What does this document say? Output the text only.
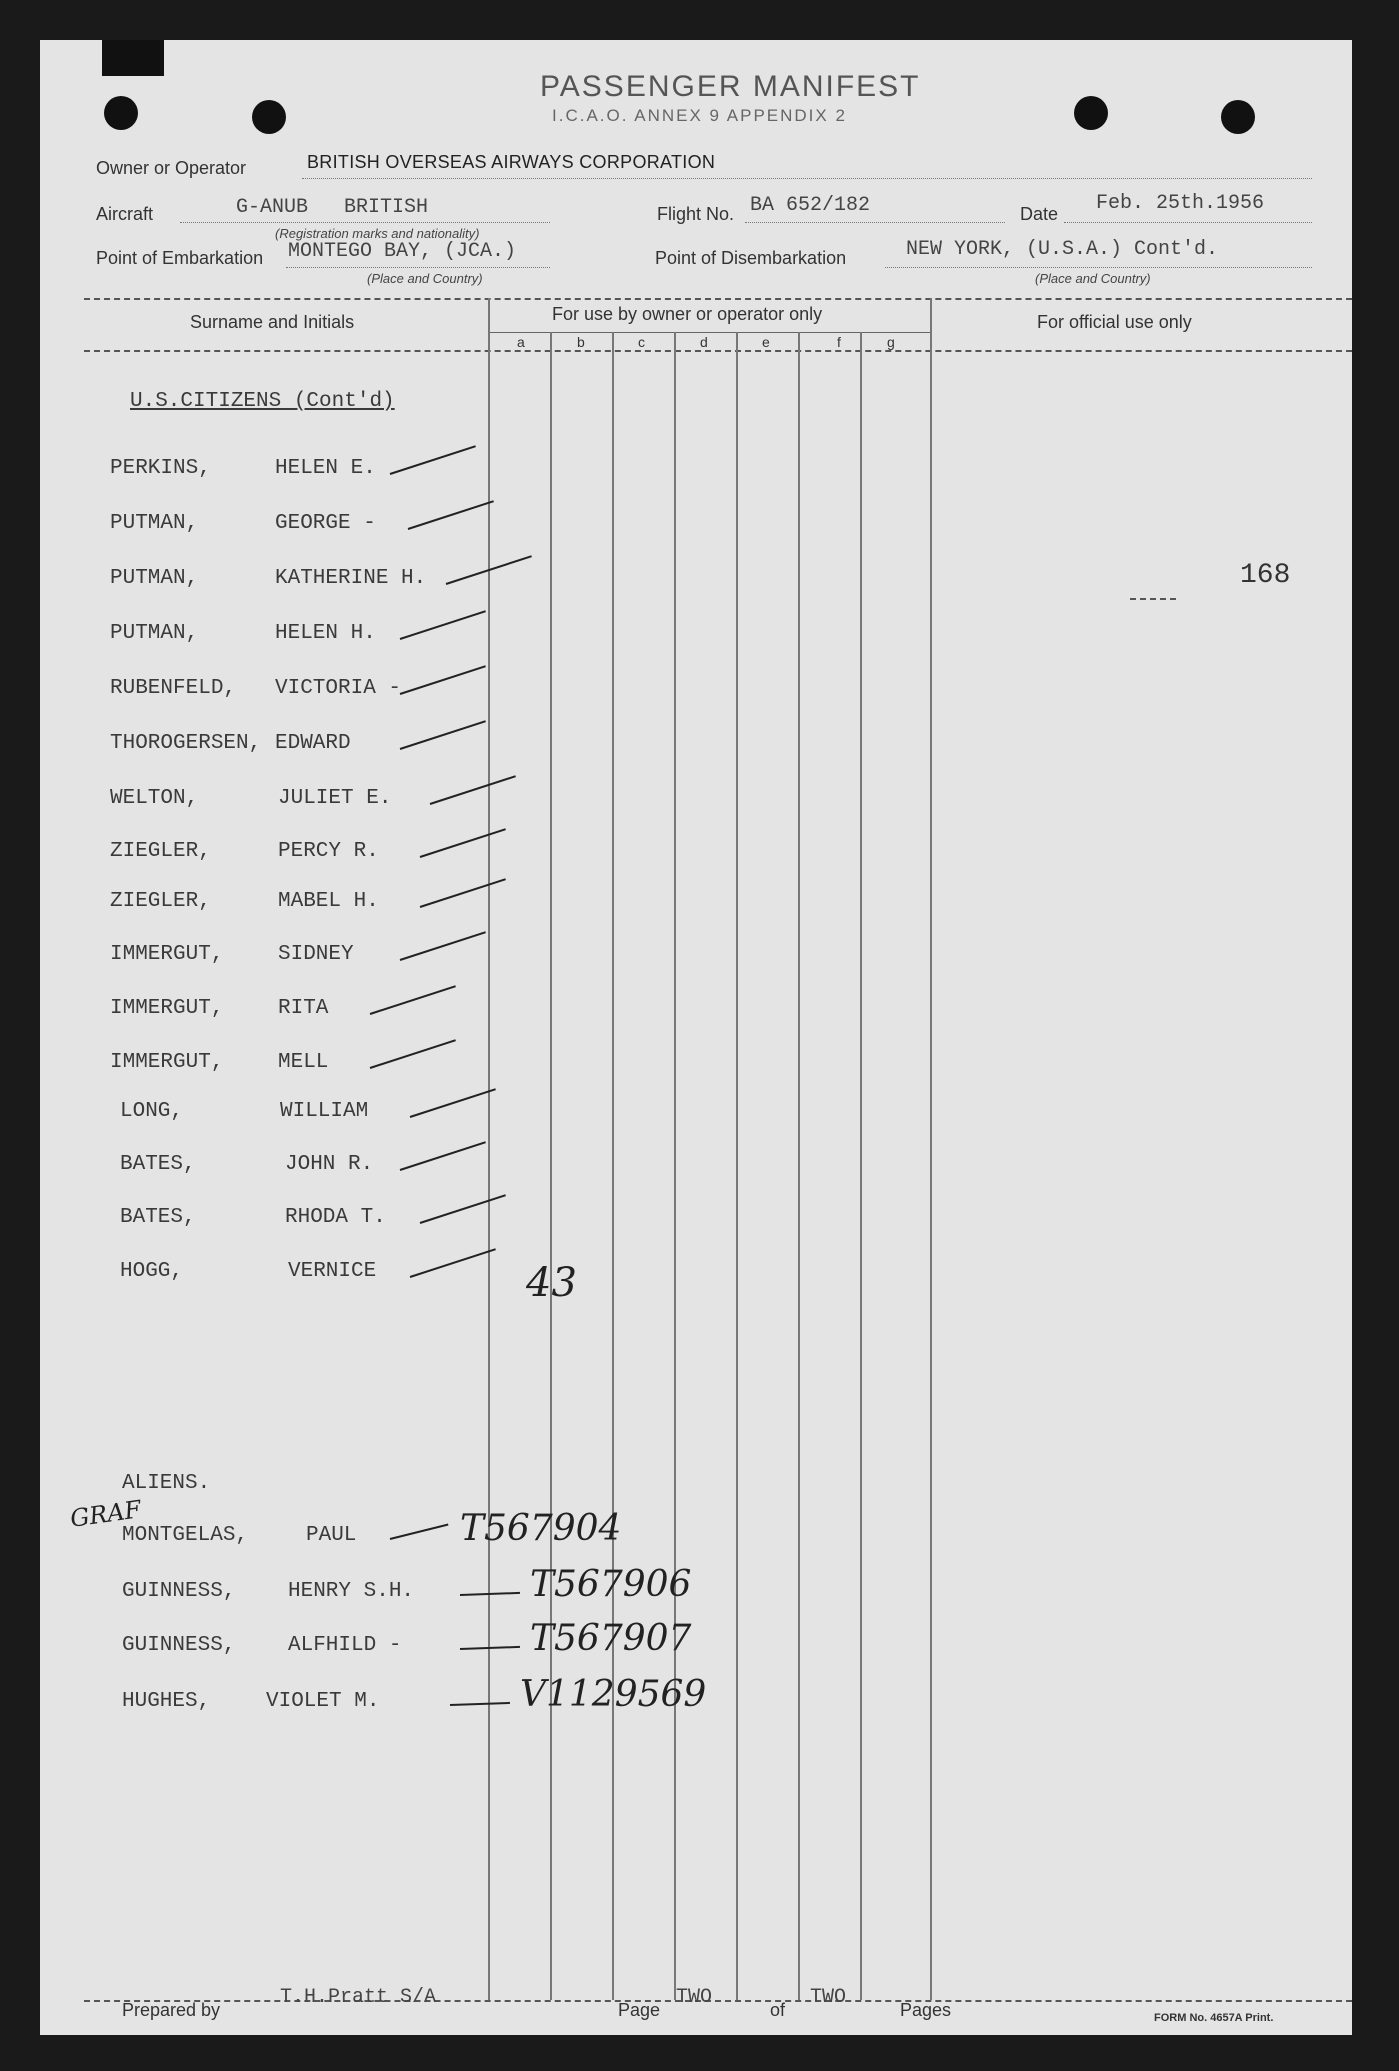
PASSENGER MANIFEST
I.C.A.O. ANNEX 9 APPENDIX 2
Owner or Operator	BRITISH OVERSEAS AIRWAYS CORPORATION
Aircraft	G-ANUB   BRITISH
(Registration marks and nationality)
Flight No. BA 652/182	Date Feb. 25th.1956
Point of Embarkation MONTEGO BAY, (JCA.)
(Place and Country)
Point of Disembarkation	NEW YORK, (U.S.A.) Cont'd.
(Place and Country)
Surname and Initials	For use by owner or operator only	For official use only
a	b	c	d	e	f	g
U.S.CITIZENS (Cont'd)
PERKINS,	HELEN E.
PUTMAN,	GEORGE -
PUTMAN,	KATHERINE H.
PUTMAN,	HELEN H.
RUBENFELD, VICTORIA -
THOROGERSEN, EDWARD
WELTON,	JULIET E.
ZIEGLER,	PERCY R.
ZIEGLER,	MABEL H.
IMMERGUT,	SIDNEY
IMMERGUT,	RITA
IMMERGUT,	MELL
LONG,	WILLIAM
BATES,	JOHN R.
BATES,	RHODA T.
HOGG,	VERNICE	43
168
ALIENS.
GRAF
MONTGELAS,	PAUL	T567904
GUINNESS,	HENRY S.H.	T567906
GUINNESS,	ALFHILD -	T567907
HUGHES,	VIOLET M.	V1129569
Prepared by
T.H.Pratt S/A
Page
TWO
of
TWO
Pages	FORM No. 4657A Print.
